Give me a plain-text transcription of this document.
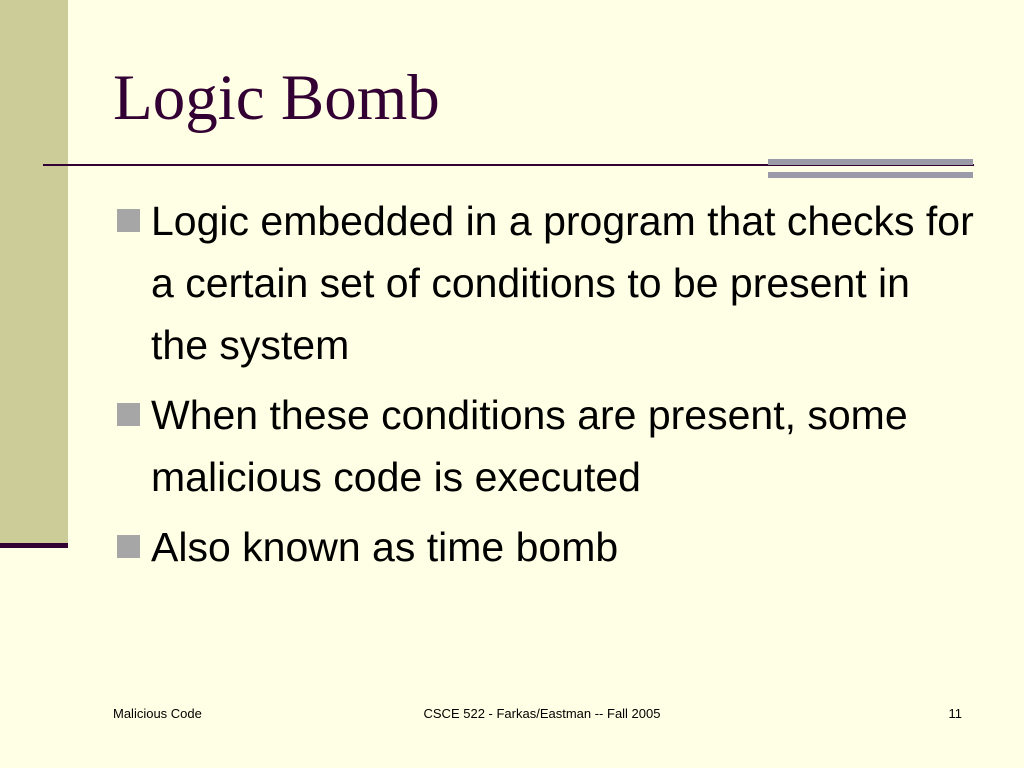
Logic Bomb
Logic embedded in a program that checks for a certain set of conditions to be present in the system
When these conditions are present, some malicious code is executed
Also known as time bomb
Malicious Code	CSCE 522 - Farkas/Eastman -- Fall 2005	11
